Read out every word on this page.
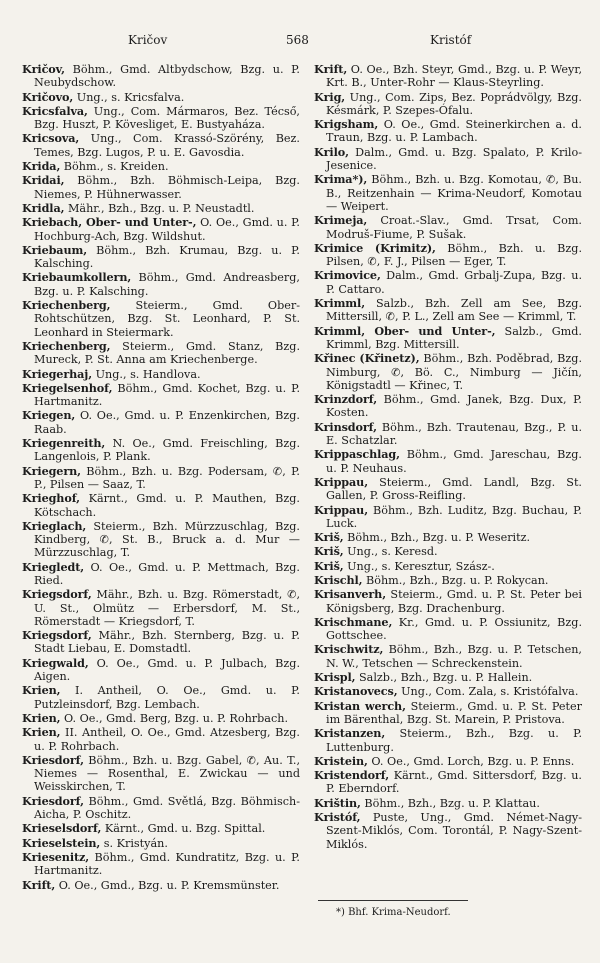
Kričov	568	Kristóf
Kričov, Böhm., Gmd. Altbydschow, Bzg. u. P. Neubydschow.
Kričovo, Ung., s. Kricsfalva.
Kricsfalva, Ung., Com. Mármaros, Bez. Técső, Bzg. Huszt, P. Kövesliget, E. Bustyaháza.
Kricsova, Ung., Com. Krassó-Szörény, Bez. Temes, Bzg. Lugos, P. u. E. Gavosdia.
Krida, Böhm., s. Kreiden.
Kridai, Böhm., Bzh. Böhmisch-Leipa, Bzg. Niemes, P. Hühnerwasser.
Kridla, Mähr., Bzh., Bzg. u. P. Neustadtl.
Kriebach, Ober- und Unter-, O. Oe., Gmd. u. P. Hochburg-Ach, Bzg. Wildshut.
Kriebaum, Böhm., Bzh. Krumau, Bzg. u. P. Kalsching.
Kriebaumkollern, Böhm., Gmd. Andreasberg, Bzg. u. P. Kalsching.
Kriechenberg, Steierm., Gmd. Ober-Rohtschützen, Bzg. St. Leonhard, P. St. Leonhard in Steiermark.
Kriechenberg, Steierm., Gmd. Stanz, Bzg. Mureck, P. St. Anna am Kriechenberge.
Kriegerhaj, Ung., s. Handlova.
Kriegelsenhof, Böhm., Gmd. Kochet, Bzg. u. P. Hartmanitz.
Kriegen, O. Oe., Gmd. u. P. Enzenkirchen, Bzg. Raab.
Kriegenreith, N. Oe., Gmd. Freischling, Bzg. Langenlois, P. Plank.
Kriegern, Böhm., Bzh. u. Bzg. Podersam, ✆, P. P., Pilsen — Saaz, T.
Krieghof, Kärnt., Gmd. u. P. Mauthen, Bzg. Kötschach.
Krieglach, Steierm., Bzh. Mürzzuschlag, Bzg. Kindberg, ✆, St. B., Bruck a. d. Mur — Mürzzuschlag, T.
Kriegledt, O. Oe., Gmd. u. P. Mettmach, Bzg. Ried.
Kriegsdorf, Mähr., Bzh. u. Bzg. Römerstadt, ✆, U. St., Olmütz — Erbersdorf, M. St., Römerstadt — Kriegsdorf, T.
Kriegsdorf, Mähr., Bzh. Sternberg, Bzg. u. P. Stadt Liebau, E. Domstadtl.
Kriegwald, O. Oe., Gmd. u. P. Julbach, Bzg. Aigen.
Krien, I. Antheil, O. Oe., Gmd. u. P. Putzleinsdorf, Bzg. Lembach.
Krien, O. Oe., Gmd. Berg, Bzg. u. P. Rohrbach.
Krien, II. Antheil, O. Oe., Gmd. Atzesberg, Bzg. u. P. Rohrbach.
Kriesdorf, Böhm., Bzh. u. Bzg. Gabel, ✆, Au. T., Niemes — Rosenthal, E. Zwickau — und Weisskirchen, T.
Kriesdorf, Böhm., Gmd. Světlá, Bzg. Böhmisch-Aicha, P. Oschitz.
Krieselsdorf, Kärnt., Gmd. u. Bzg. Spittal.
Krieselstein, s. Kristyán.
Kriesenitz, Böhm., Gmd. Kundratitz, Bzg. u. P. Hartmanitz.
Krift, O. Oe., Gmd., Bzg. u. P. Kremsmünster.
Krift, O. Oe., Bzh. Steyr, Gmd., Bzg. u. P. Weyr, Krt. B., Unter-Rohr — Klaus-Steyrling.
Krig, Ung., Com. Zips, Bez. Poprádvölgy, Bzg. Késmárk, P. Szepes-Ófalu.
Krigsham, O. Oe., Gmd. Steinerkirchen a. d. Traun, Bzg. u. P. Lambach.
Krilo, Dalm., Gmd. u. Bzg. Spalato, P. Krilo-Jesenice.
Krima*), Böhm., Bzh. u. Bzg. Komotau, ✆, Bu. B., Reitzenhain — Krima-Neudorf, Komotau — Weipert.
Krimeja, Croat.-Slav., Gmd. Trsat, Com. Modruš-Fiume, P. Sušak.
Krimice (Krimitz), Böhm., Bzh. u. Bzg. Pilsen, ✆, F. J., Pilsen — Eger, T.
Krimovice, Dalm., Gmd. Grbalj-Zupa, Bzg. u. P. Cattaro.
Krimml, Salzb., Bzh. Zell am See, Bzg. Mittersill, ✆, P. L., Zell am See — Krimml, T.
Krimml, Ober- und Unter-, Salzb., Gmd. Krimml, Bzg. Mittersill.
Křinec (Křinetz), Böhm., Bzh. Poděbrad, Bzg. Nimburg, ✆, Bö. C., Nimburg — Jičín, Königstadtl — Křinec, T.
Krinzdorf, Böhm., Gmd. Janek, Bzg. Dux, P. Kosten.
Krinsdorf, Böhm., Bzh. Trautenau, Bzg., P. u. E. Schatzlar.
Krippaschlag, Böhm., Gmd. Jareschau, Bzg. u. P. Neuhaus.
Krippau, Steierm., Gmd. Landl, Bzg. St. Gallen, P. Gross-Reifling.
Krippau, Böhm., Bzh. Luditz, Bzg. Buchau, P. Luck.
Kriš, Böhm., Bzh., Bzg. u. P. Weseritz.
Kriš, Ung., s. Keresd.
Kriš, Ung., s. Keresztur, Szász-.
Krischl, Böhm., Bzh., Bzg. u. P. Rokycan.
Krisanverh, Steierm., Gmd. u. P. St. Peter bei Königsberg, Bzg. Drachenburg.
Krischmane, Kr., Gmd. u. P. Ossiunitz, Bzg. Gottschee.
Krischwitz, Böhm., Bzh., Bzg. u. P. Tetschen, N. W., Tetschen — Schreckenstein.
Krispl, Salzb., Bzh., Bzg. u. P. Hallein.
Kristanovecs, Ung., Com. Zala, s. Kristófalva.
Kristan werch, Steierm., Gmd. u. P. St. Peter im Bärenthal, Bzg. St. Marein, P. Pristova.
Kristanzen, Steierm., Bzh., Bzg. u. P. Luttenburg.
Kristein, O. Oe., Gmd. Lorch, Bzg. u. P. Enns.
Kristendorf, Kärnt., Gmd. Sittersdorf, Bzg. u. P. Eberndorf.
Krištin, Böhm., Bzh., Bzg. u. P. Klattau.
Kristóf, Puste, Ung., Gmd. Német-Nagy-Szent-Miklós, Com. Torontál, P. Nagy-Szent-Miklós.
*) Bhf. Krima-Neudorf.
